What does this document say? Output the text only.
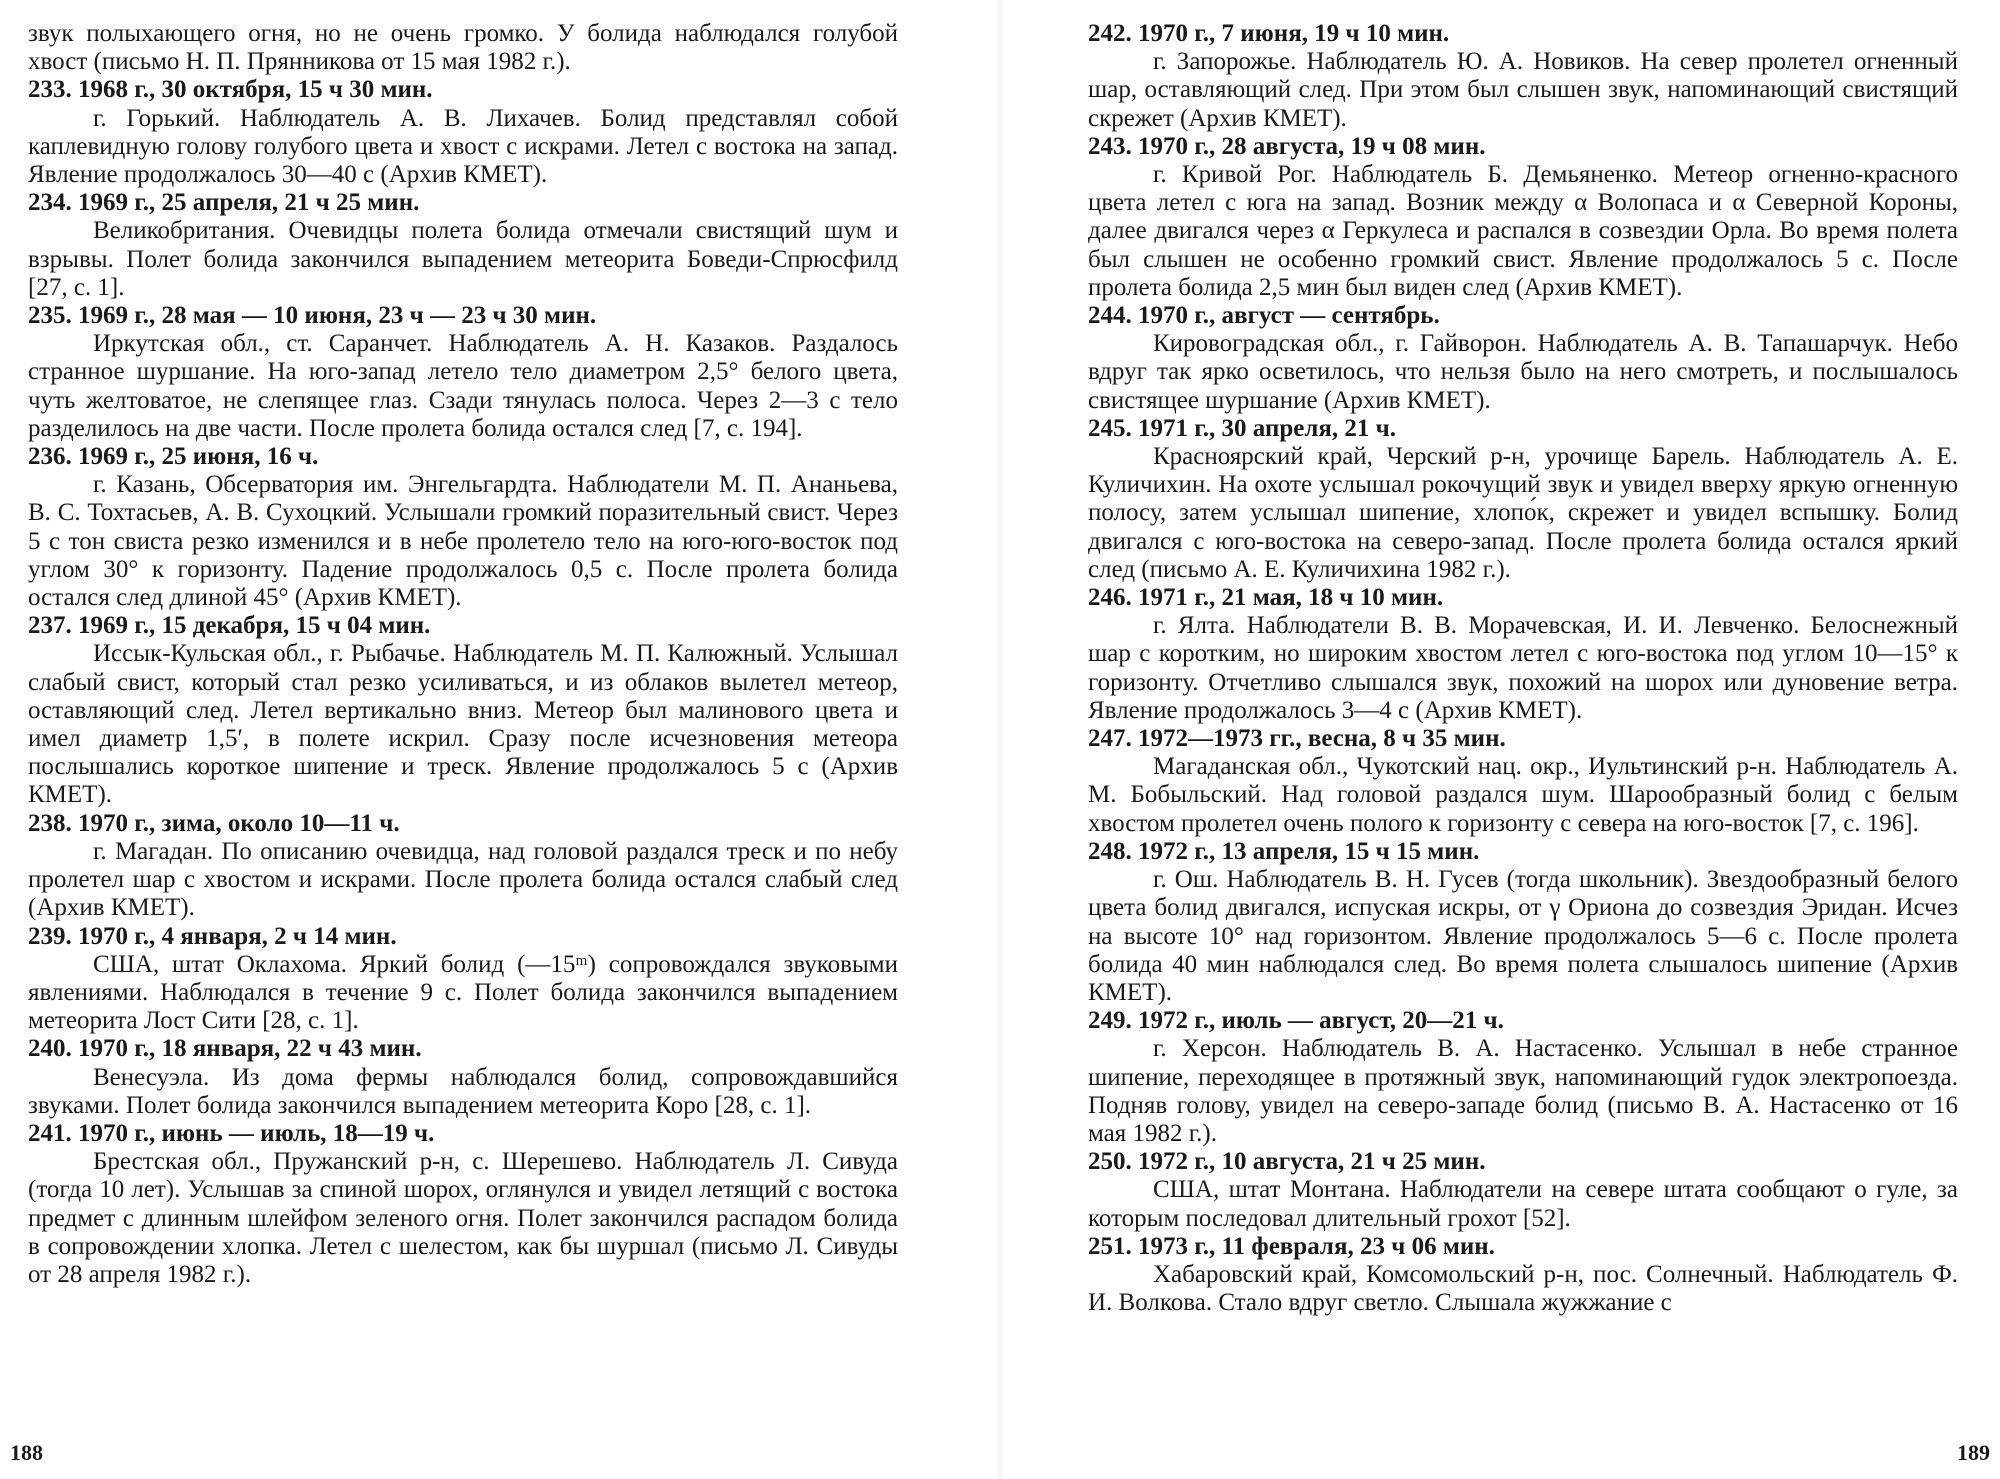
звук полыхающего огня, но не очень громко. У болида наблюдался голубой хвост (письмо Н. П. Прянникова от 15 мая 1982 г.).

233. 1968 г., 30 октября, 15 ч 30 мин.

г. Горький. Наблюдатель А. В. Лихачев. Болид представлял собой каплевидную голову голубого цвета и хвост с искрами. Летел с востока на запад. Явление продолжалось 30—40 с (Архив КМЕТ).

234. 1969 г., 25 апреля, 21 ч 25 мин.

Великобритания. Очевидцы полета болида отмечали свистящий шум и взрывы. Полет болида закончился выпадением метеорита Боведи-Спрюсфилд [27, с. 1].

235. 1969 г., 28 мая — 10 июня, 23 ч — 23 ч 30 мин.

Иркутская обл., ст. Саранчет. Наблюдатель А. Н. Казаков. Раздалось странное шуршание. На юго-запад летело тело диаметром 2,5° белого цвета, чуть желтоватое, не слепящее глаз. Сзади тянулась полоса. Через 2—3 с тело разделилось на две части. После пролета болида остался след [7, с. 194].

236. 1969 г., 25 июня, 16 ч.

г. Казань, Обсерватория им. Энгельгардта. Наблюдатели М. П. Ананьева, В. С. Тохтасьев, А. В. Сухоцкий. Услышали громкий поразительный свист. Через 5 с тон свиста резко изменился и в небе пролетело тело на юго-юго-восток под углом 30° к горизонту. Падение продолжалось 0,5 с. После пролета болида остался след длиной 45° (Архив КМЕТ).

237. 1969 г., 15 декабря, 15 ч 04 мин.

Иссык-Кульская обл., г. Рыбачье. Наблюдатель М. П. Калюжный. Услышал слабый свист, который стал резко усиливаться, и из облаков вылетел метеор, оставляющий след. Летел вертикально вниз. Метеор был малинового цвета и имел диаметр 1,5′, в полете искрил. Сразу после исчезновения метеора послышались короткое шипение и треск. Явление продолжалось 5 с (Архив КМЕТ).

238. 1970 г., зима, около 10—11 ч.

г. Магадан. По описанию очевидца, над головой раздался треск и по небу пролетел шар с хвостом и искрами. После пролета болида остался слабый след (Архив КМЕТ).

239. 1970 г., 4 января, 2 ч 14 мин.

США, штат Оклахома. Яркий болид (—15ᵐ) сопровождался звуковыми явлениями. Наблюдался в течение 9 с. Полет болида закончился выпадением метеорита Лост Сити [28, с. 1].

240. 1970 г., 18 января, 22 ч 43 мин.

Венесуэла. Из дома фермы наблюдался болид, сопровождавшийся звуками. Полет болида закончился выпадением метеорита Коро [28, с. 1].

241. 1970 г., июнь — июль, 18—19 ч.

Брестская обл., Пружанский р-н, с. Шерешево. Наблюдатель Л. Сивуда (тогда 10 лет). Услышав за спиной шорох, оглянулся и увидел летящий с востока предмет с длинным шлейфом зеленого огня. Полет закончился распадом болида в сопровождении хлопка. Летел с шелестом, как бы шуршал (письмо Л. Сивуды от 28 апреля 1982 г.).

188

242. 1970 г., 7 июня, 19 ч 10 мин.

г. Запорожье. Наблюдатель Ю. А. Новиков. На север пролетел огненный шар, оставляющий след. При этом был слышен звук, напоминающий свистящий скрежет (Архив КМЕТ).

243. 1970 г., 28 августа, 19 ч 08 мин.

г. Кривой Рог. Наблюдатель Б. Демьяненко. Метеор огненно-красного цвета летел с юга на запад. Возник между α Волопаса и α Северной Короны, далее двигался через α Геркулеса и распался в созвездии Орла. Во время полета был слышен не особенно громкий свист. Явление продолжалось 5 с. После пролета болида 2,5 мин был виден след (Архив КМЕТ).

244. 1970 г., август — сентябрь.

Кировоградская обл., г. Гайворон. Наблюдатель А. В. Тапашарчук. Небо вдруг так ярко осветилось, что нельзя было на него смотреть, и послышалось свистящее шуршание (Архив КМЕТ).

245. 1971 г., 30 апреля, 21 ч.

Красноярский край, Черский р-н, урочище Барель. Наблюдатель А. Е. Куличихин. На охоте услышал рокочущий звук и увидел вверху яркую огненную полосу, затем услышал шипение, хлопо́к, скрежет и увидел вспышку. Болид двигался с юго-востока на северо-запад. После пролета болида остался яркий след (письмо А. Е. Куличихина 1982 г.).

246. 1971 г., 21 мая, 18 ч 10 мин.

г. Ялта. Наблюдатели В. В. Морачевская, И. И. Левченко. Белоснежный шар с коротким, но широким хвостом летел с юго-востока под углом 10—15° к горизонту. Отчетливо слышался звук, похожий на шорох или дуновение ветра. Явление продолжалось 3—4 с (Архив КМЕТ).

247. 1972—1973 гг., весна, 8 ч 35 мин.

Магаданская обл., Чукотский нац. окр., Иультинский р-н. Наблюдатель А. М. Бобыльский. Над головой раздался шум. Шарообразный болид с белым хвостом пролетел очень полого к горизонту с севера на юго-восток [7, с. 196].

248. 1972 г., 13 апреля, 15 ч 15 мин.

г. Ош. Наблюдатель В. Н. Гусев (тогда школьник). Звездообразный белого цвета болид двигался, испуская искры, от γ Ориона до созвездия Эридан. Исчез на высоте 10° над горизонтом. Явление продолжалось 5—6 с. После пролета болида 40 мин наблюдался след. Во время полета слышалось шипение (Архив КМЕТ).

249. 1972 г., июль — август, 20—21 ч.

г. Херсон. Наблюдатель В. А. Настасенко. Услышал в небе странное шипение, переходящее в протяжный звук, напоминающий гудок электропоезда. Подняв голову, увидел на северо-западе болид (письмо В. А. Настасенко от 16 мая 1982 г.).

250. 1972 г., 10 августа, 21 ч 25 мин.

США, штат Монтана. Наблюдатели на севере штата сообщают о гуле, за которым последовал длительный грохот [52].

251. 1973 г., 11 февраля, 23 ч 06 мин.

Хабаровский край, Комсомольский р-н, пос. Солнечный. Наблюдатель Ф. И. Волкова. Стало вдруг светло. Слышала жужжание с

189
